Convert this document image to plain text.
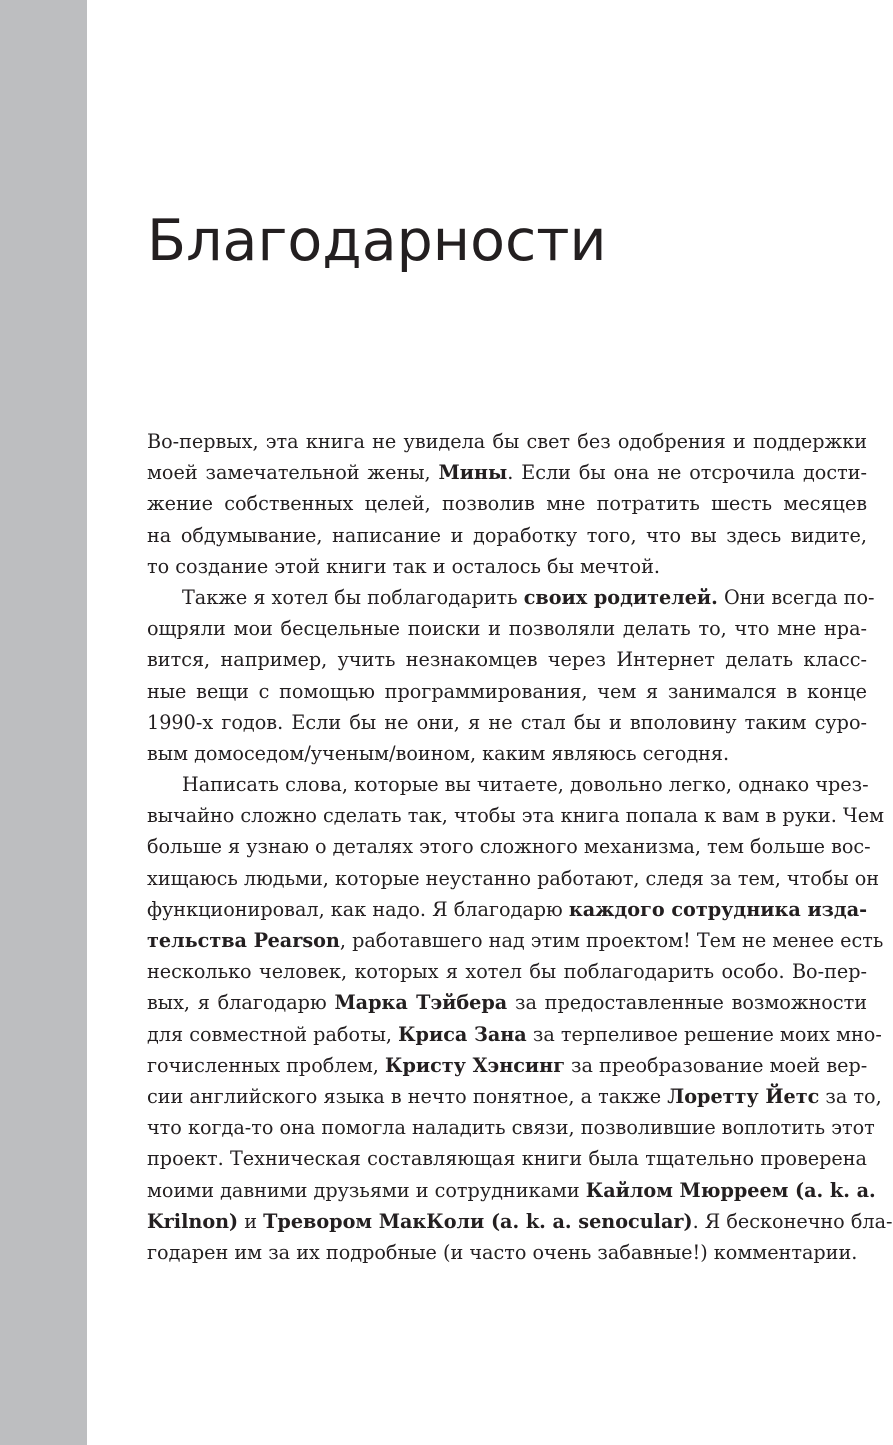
Благодарности
Во-первых, эта книга не увидела бы свет без одобрения и поддержки
моей замечательной жены, Мины. Если бы она не отсрочила дости-
жение собственных целей, позволив мне потратить шесть месяцев
на обдумывание, написание и доработку того, что вы здесь видите,
то создание этой книги так и осталось бы мечтой.
Также я хотел бы поблагодарить своих родителей. Они всегда по-
ощряли мои бесцельные поиски и позволяли делать то, что мне нра-
вится, например, учить незнакомцев через Интернет делать класс-
ные вещи с помощью программирования, чем я занимался в конце
1990-х годов. Если бы не они, я не стал бы и вполовину таким суро-
вым домоседом/ученым/воином, каким являюсь сегодня.
Написать слова, которые вы читаете, довольно легко, однако чрез-
вычайно сложно сделать так, чтобы эта книга попала к вам в руки. Чем
больше я узнаю о деталях этого сложного механизма, тем больше вос-
хищаюсь людьми, которые неустанно работают, следя за тем, чтобы он
функционировал, как надо. Я благодарю каждого сотрудника изда-
тельства Pearson, работавшего над этим проектом! Тем не менее есть
несколько человек, которых я хотел бы поблагодарить особо. Во-пер-
вых, я благодарю Марка Тэйбера за предоставленные возможности
для совместной работы, Криса Зана за терпеливое решение моих мно-
гочисленных проблем, Кристу Хэнсинг за преобразование моей вер-
сии английского языка в нечто понятное, а также Лоретту Йетс за то,
что когда-то она помогла наладить связи, позволившие воплотить этот
проект. Техническая составляющая книги была тщательно проверена
моими давними друзьями и сотрудниками Кайлом Мюрреем (a. k. a.
Krilnon) и Тревором МакКоли (a. k. a. senocular). Я бесконечно бла-
годарен им за их подробные (и часто очень забавные!) комментарии.
